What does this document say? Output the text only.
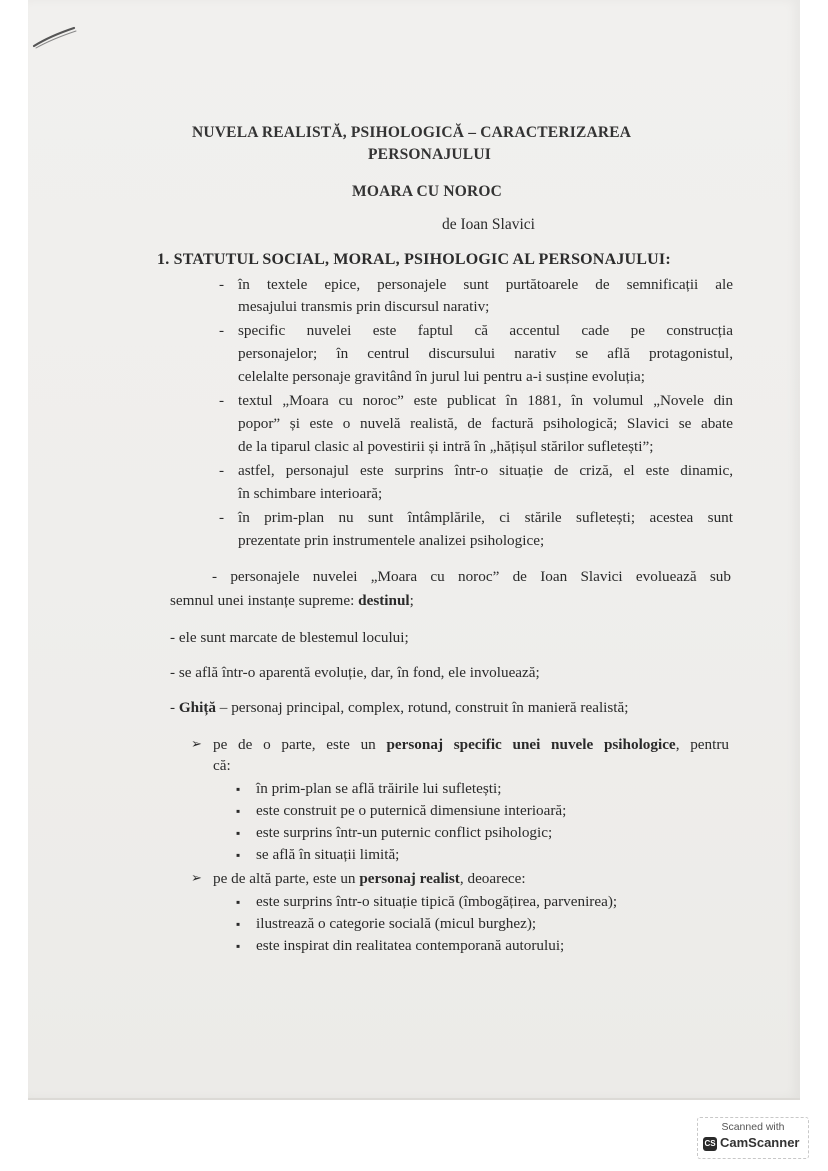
NUVELA REALISTĂ, PSIHOLOGICĂ – CARACTERIZAREA
PERSONAJULUI
MOARA CU NOROC
de Ioan Slavici
1. STATUTUL SOCIAL, MORAL, PSIHOLOGIC AL PERSONAJULUI:
- în textele epice, personajele sunt purtătoarele de semnificații ale
mesajului transmis prin discursul narativ;
- specific nuvelei este faptul că accentul cade pe construcția
personajelor; în centrul discursului narativ se află protagonistul,
celelalte personaje gravitând în jurul lui pentru a-i susține evoluția;
- textul „Moara cu noroc” este publicat în 1881, în volumul „Novele din
popor” și este o nuvelă realistă, de factură psihologică; Slavici se abate
de la tiparul clasic al povestirii și intră în „hățișul stărilor sufletești”;
- astfel, personajul este surprins într-o situație de criză, el este dinamic,
în schimbare interioară;
- în prim-plan nu sunt întâmplările, ci stările sufletești; acestea sunt
prezentate prin instrumentele analizei psihologice;
- personajele nuvelei „Moara cu noroc” de Ioan Slavici evoluează sub
semnul unei instanțe supreme: destinul;
- ele sunt marcate de blestemul locului;
- se află într-o aparentă evoluție, dar, în fond, ele involuează;
- Ghiță – personaj principal, complex, rotund, construit în manieră realistă;
➢ pe de o parte, este un personaj specific unei nuvele psihologice, pentru
că:
▪ în prim-plan se află trăirile lui sufletești;
▪ este construit pe o puternică dimensiune interioară;
▪ este surprins într-un puternic conflict psihologic;
▪ se află în situații limită;
➢ pe de altă parte, este un personaj realist, deoarece:
▪ este surprins într-o situație tipică (îmbogățirea, parvenirea);
▪ ilustrează o categorie socială (micul burghez);
▪ este inspirat din realitatea contemporană autorului;
Scanned with
CS CamScanner
